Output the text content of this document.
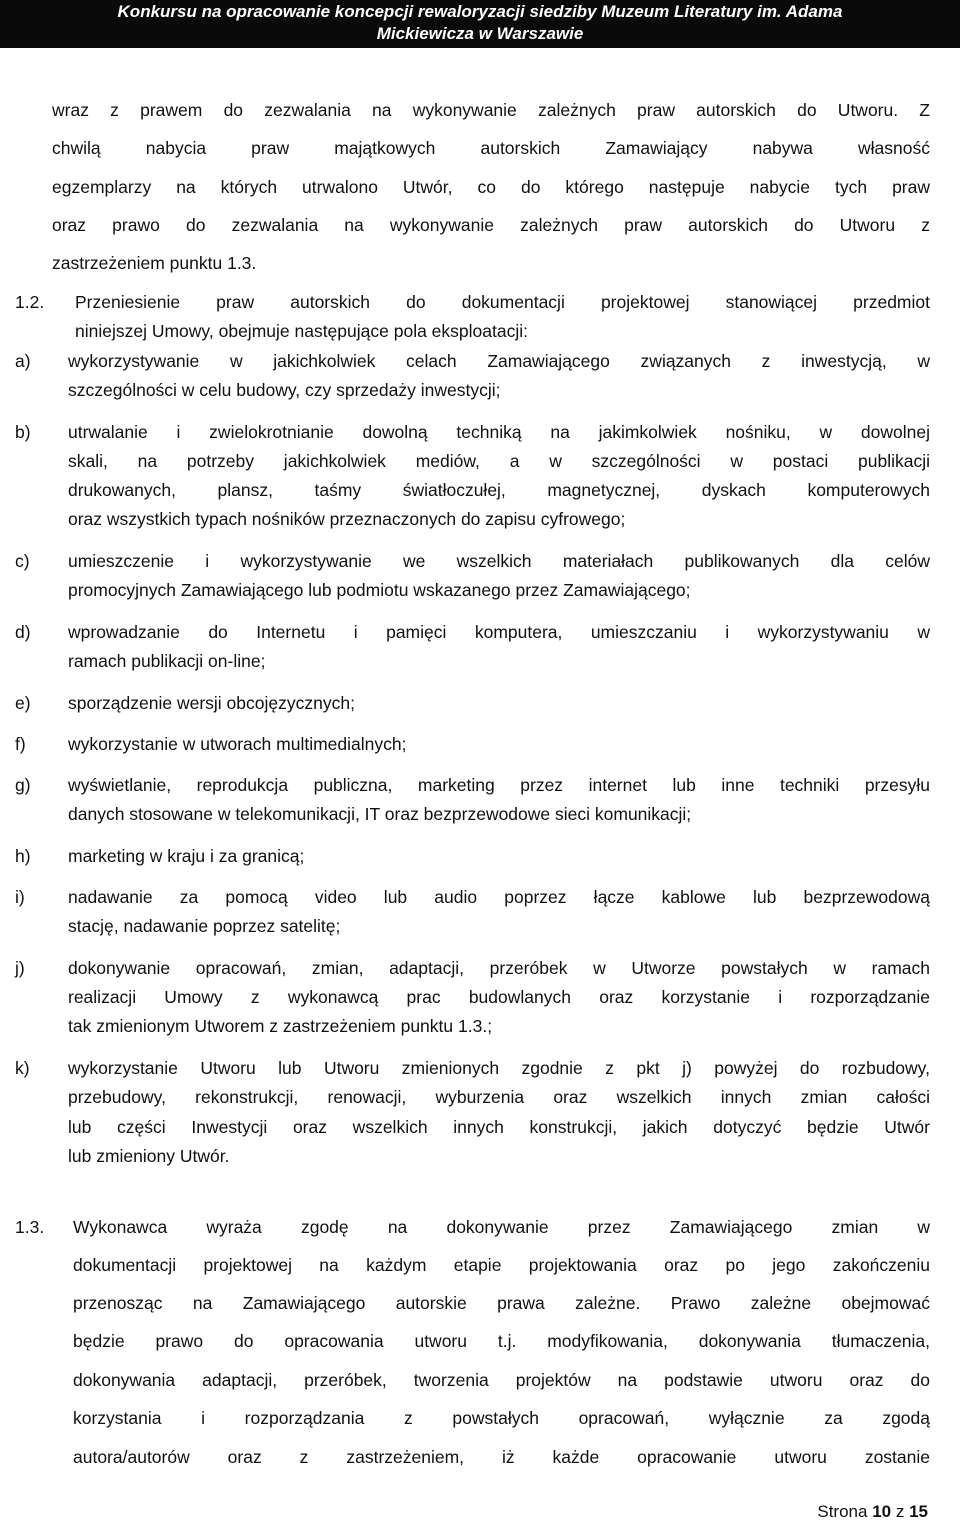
Konkursu na opracowanie koncepcji rewaloryzacji siedziby Muzeum Literatury im. Adama
Mickiewicza w Warszawie
wraz z prawem do zezwalania na wykonywanie zależnych praw autorskich do Utworu. Z
chwilą nabycia praw majątkowych autorskich Zamawiający nabywa własność
egzemplarzy na których utrwalono Utwór, co do którego następuje nabycie tych praw
oraz prawo do zezwalania na wykonywanie zależnych praw autorskich do Utworu z
zastrzeżeniem punktu 1.3.
1.2. Przeniesienie praw autorskich do dokumentacji projektowej stanowiącej przedmiot
niniejszej Umowy, obejmuje następujące pola eksploatacji:
a) wykorzystywanie w jakichkolwiek celach Zamawiającego związanych z inwestycją, w
szczególności w celu budowy, czy sprzedaży inwestycji;
b) utrwalanie i zwielokrotnianie dowolną techniką na jakimkolwiek nośniku, w dowolnej
skali, na potrzeby jakichkolwiek mediów, a w szczególności w postaci publikacji
drukowanych, plansz, taśmy światłoczułej, magnetycznej, dyskach komputerowych
oraz wszystkich typach nośników przeznaczonych do zapisu cyfrowego;
c) umieszczenie i wykorzystywanie we wszelkich materiałach publikowanych dla celów
promocyjnych Zamawiającego lub podmiotu wskazanego przez Zamawiającego;
d) wprowadzanie do Internetu i pamięci komputera, umieszczaniu i wykorzystywaniu w
ramach publikacji on-line;
e) sporządzenie wersji obcojęzycznych;
f) wykorzystanie w utworach multimedialnych;
g) wyświetlanie, reprodukcja publiczna, marketing przez internet lub inne techniki przesyłu
danych stosowane w telekomunikacji, IT oraz bezprzewodowe sieci komunikacji;
h) marketing w kraju i za granicą;
i) nadawanie za pomocą video lub audio poprzez łącze kablowe lub bezprzewodową
stację, nadawanie poprzez satelitę;
j) dokonywanie opracowań, zmian, adaptacji, przeróbek w Utworze powstałych w ramach
realizacji Umowy z wykonawcą prac budowlanych oraz korzystanie i rozporządzanie
tak zmienionym Utworem z zastrzeżeniem punktu 1.3.;
k) wykorzystanie Utworu lub Utworu zmienionych zgodnie z pkt j) powyżej do rozbudowy,
przebudowy, rekonstrukcji, renowacji, wyburzenia oraz wszelkich innych zmian całości
lub części Inwestycji oraz wszelkich innych konstrukcji, jakich dotyczyć będzie Utwór
lub zmieniony Utwór.
1.3. Wykonawca wyraża zgodę na dokonywanie przez Zamawiającego zmian w
dokumentacji projektowej na każdym etapie projektowania oraz po jego zakończeniu
przenosząc na Zamawiającego autorskie prawa zależne. Prawo zależne obejmować
będzie prawo do opracowania utworu t.j. modyfikowania, dokonywania tłumaczenia,
dokonywania adaptacji, przeróbek, tworzenia projektów na podstawie utworu oraz do
korzystania i rozporządzania z powstałych opracowań, wyłącznie za zgodą
autora/autorów oraz z zastrzeżeniem, iż każde opracowanie utworu zostanie
Strona 10 z 15
